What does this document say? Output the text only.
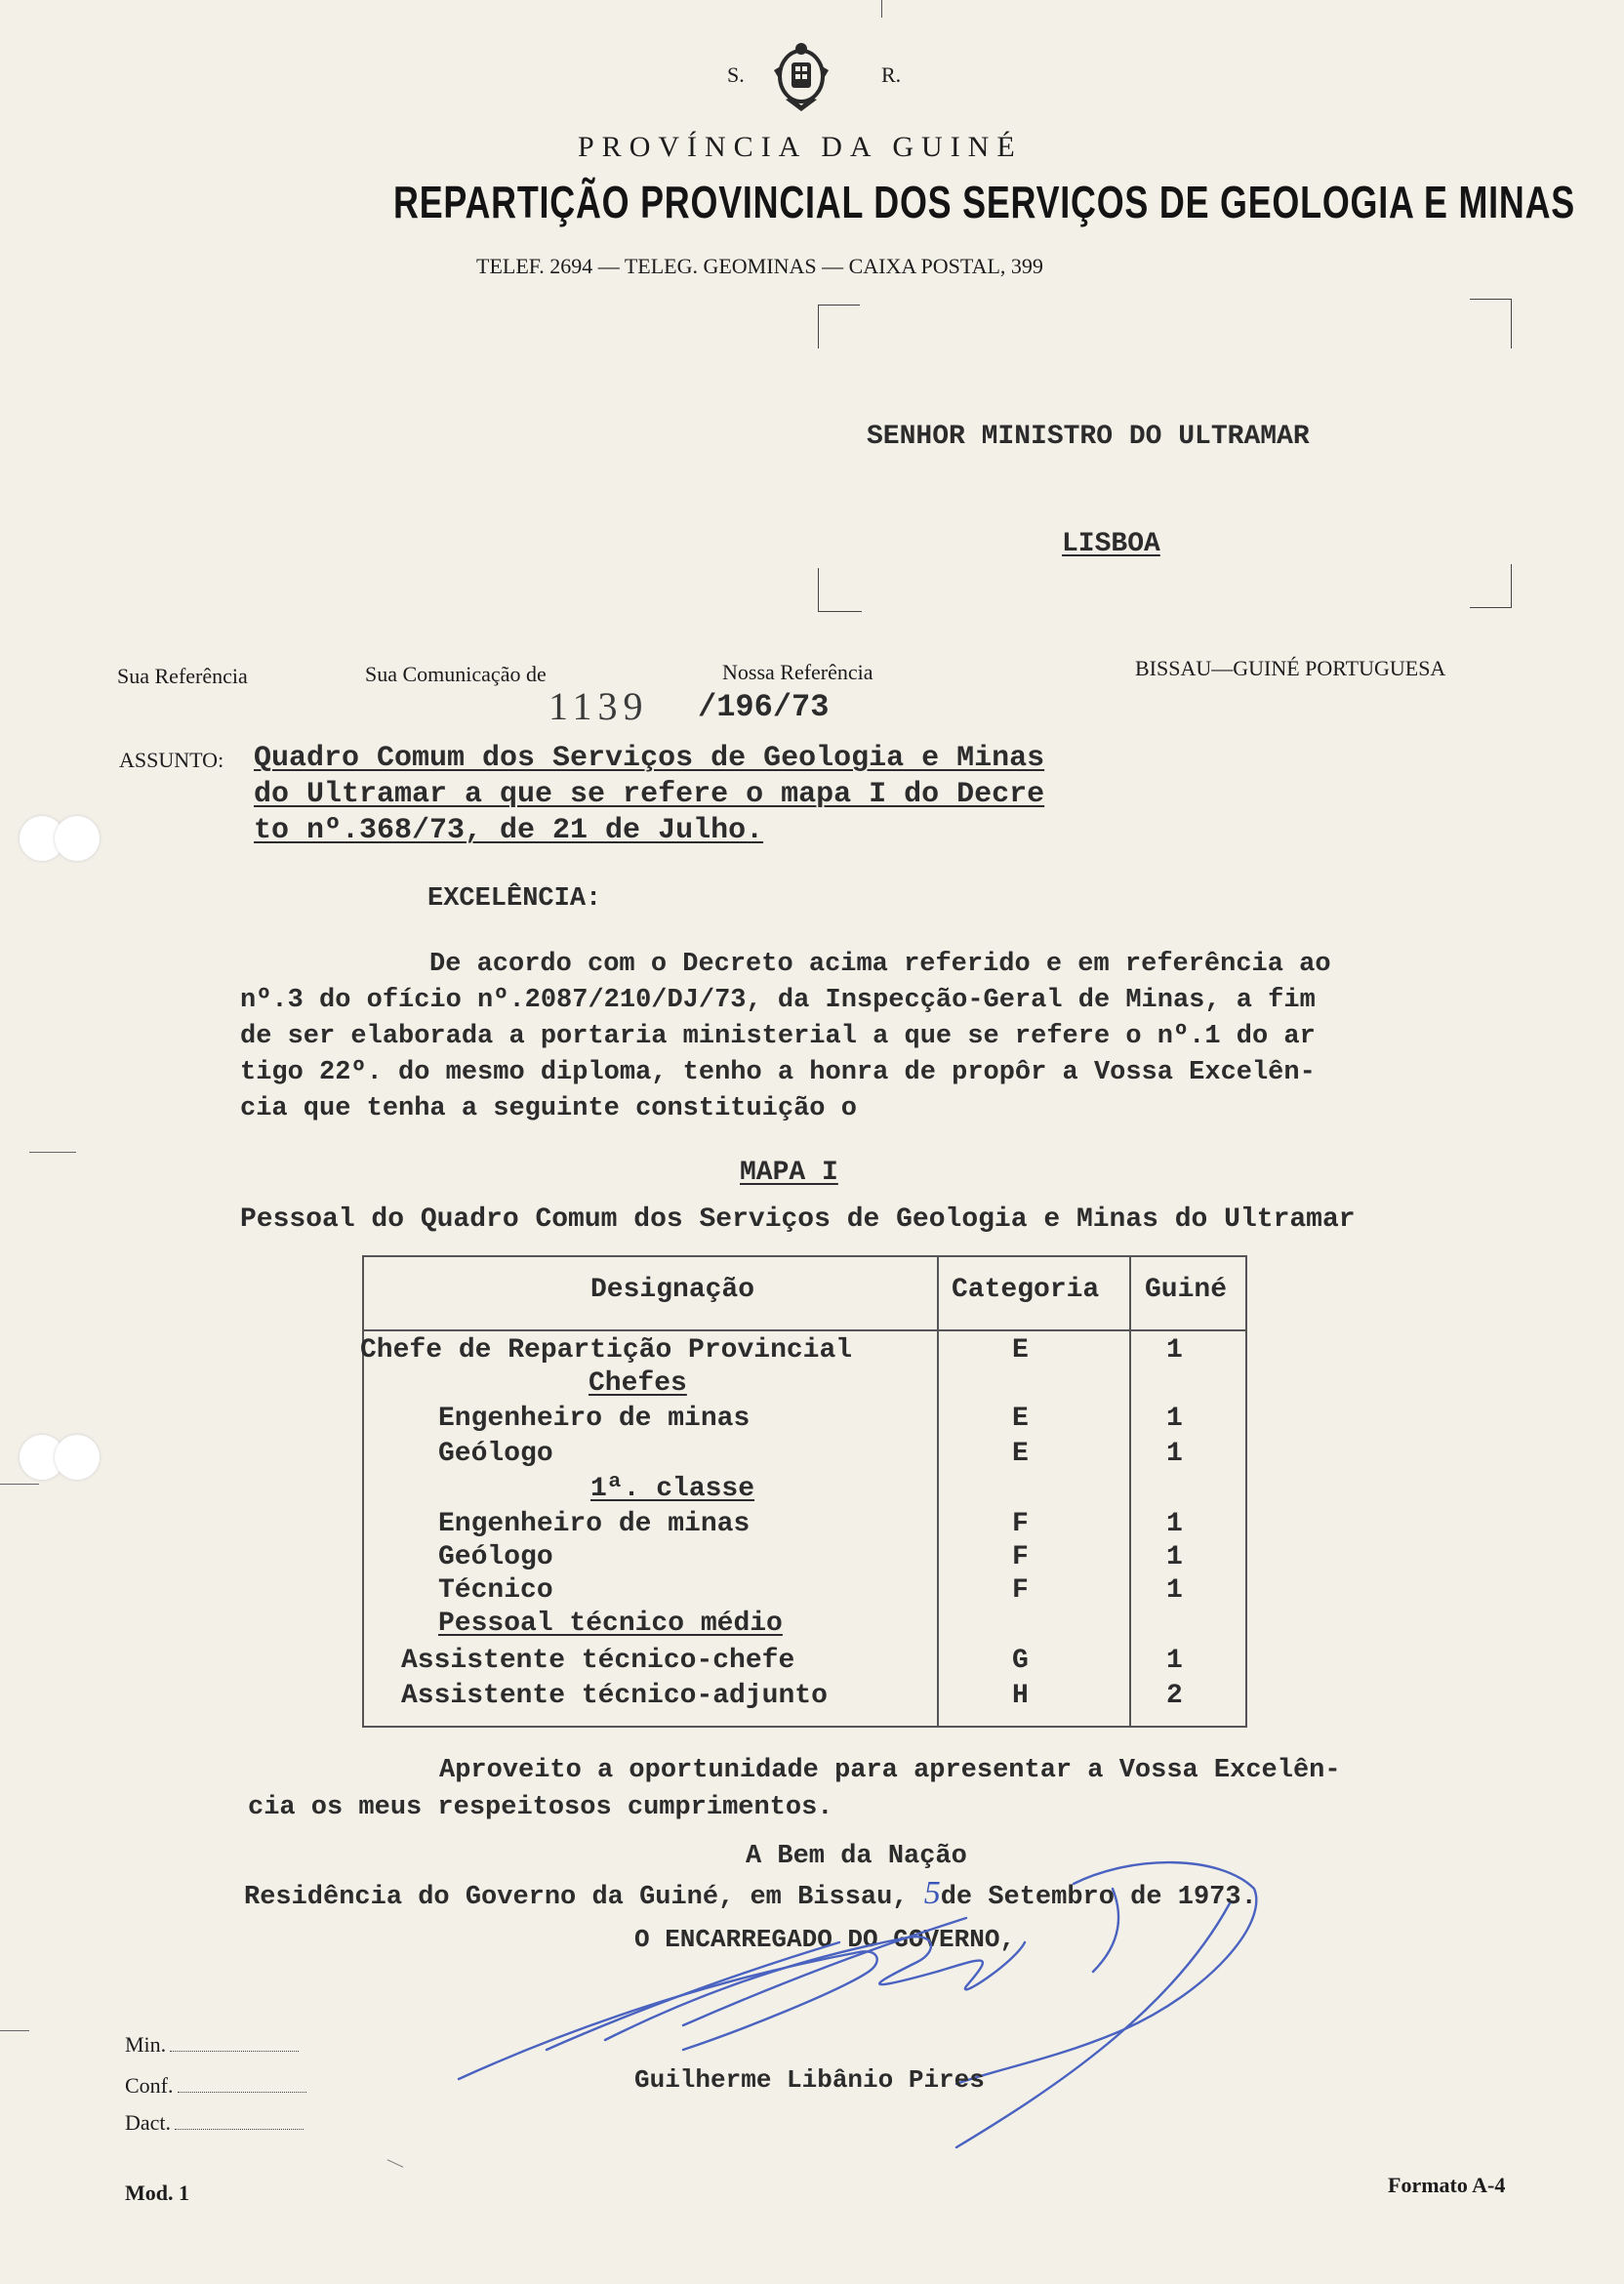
S.	R.
PROVÍNCIA DA GUINÉ
REPARTIÇÃO PROVINCIAL DOS SERVIÇOS DE GEOLOGIA E MINAS
TELEF. 2694 — TELEG. GEOMINAS — CAIXA POSTAL, 399
SENHOR MINISTRO DO ULTRAMAR
LISBOA
Sua Referência	Sua Comunicação de	Nossa Referência	BISSAU—GUINÉ PORTUGUESA
1139 /196/73
ASSUNTO: Quadro Comum dos Serviços de Geologia e Minas
do Ultramar a que se refere o mapa I do Decre
to nº.368/73, de 21 de Julho.
EXCELÊNCIA:
De acordo com o Decreto acima referido e em referência ao
nº.3 do ofício nº.2087/210/DJ/73, da Inspecção-Geral de Minas, a fim
de ser elaborada a portaria ministerial a que se refere o nº.1 do ar
tigo 22º. do mesmo diploma, tenho a honra de propôr a Vossa Excelên-
cia que tenha a seguinte constituição o
MAPA I
Pessoal do Quadro Comum dos Serviços de Geologia e Minas do Ultramar
Designação	Categoria Guiné
Chefe de Repartição Provincial	E	1
Chefes
Engenheiro de minas	E	1
Geólogo	E	1
1ª. classe
Engenheiro de minas	F	1
Geólogo	F	1
Técnico	F	1
Pessoal técnico médio
Assistente técnico-chefe	G	1
Assistente técnico-adjunto	H	2
Aproveito a oportunidade para apresentar a Vossa Excelên-
cia os meus respeitosos cumprimentos.
A Bem da Nação
Residência do Governo da Guiné, em Bissau, 5de Setembro de 1973.
O ENCARREGADO DO GOVERNO,
Guilherme Libânio Pires
Min.
Conf.
Dact.
Mod. 1	Formato A-4
